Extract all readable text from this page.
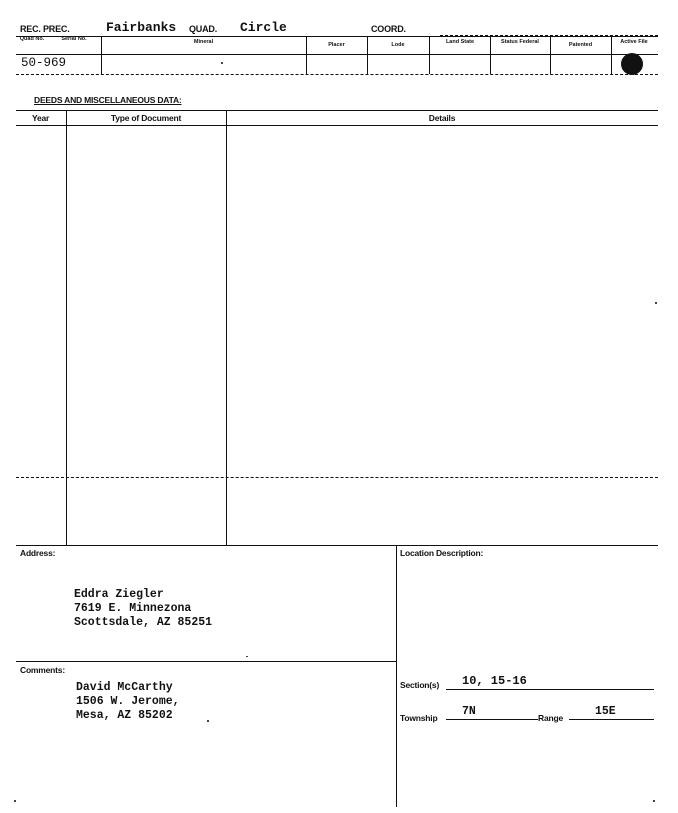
REC. PREC.	Fairbanks QUAD. Circle	COORD.
Quad No.	Serial No.	Mineral	Placer	Lode	Land State	Status Federal	Patented	Active File
50-969
DEEDS AND MISCELLANEOUS DATA:
Year	Type of Document	Details
Address:
Eddra Ziegler
7619 E. Minnezona
Scottsdale, AZ 85251
Location Description:
Comments:
David McCarthy
1506 W. Jerome,
Mesa, AZ 85202
Section(s) 10, 15-16
Township 7N	Range	15E
